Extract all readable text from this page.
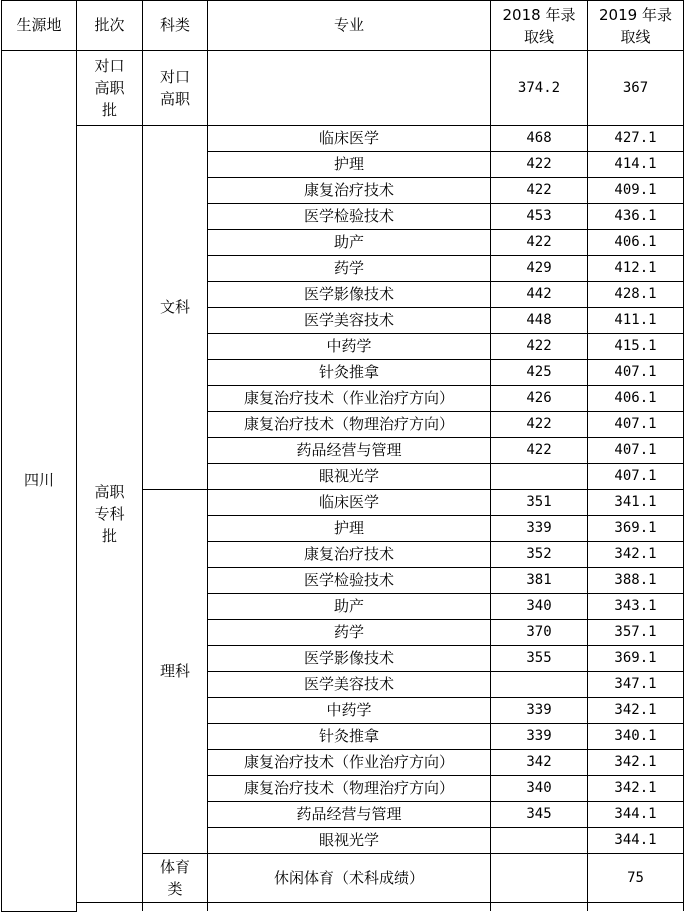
生源地	批次	科类	专业	2018 年录取线	2019 年录取线
四川	对口高职批	对口高职		374.2	367
	高职专科批	文科	临床医学	468	427.1
			护理	422	414.1
			康复治疗技术	422	409.1
			医学检验技术	453	436.1
			助产	422	406.1
			药学	429	412.1
			医学影像技术	442	428.1
			医学美容技术	448	411.1
			中药学	422	415.1
			针灸推拿	425	407.1
			康复治疗技术（作业治疗方向）	426	406.1
			康复治疗技术（物理治疗方向）	422	407.1
			药品经营与管理	422	407.1
			眼视光学		407.1
		理科	临床医学	351	341.1
			护理	339	369.1
			康复治疗技术	352	342.1
			医学检验技术	381	388.1
			助产	340	343.1
			药学	370	357.1
			医学影像技术	355	369.1
			医学美容技术		347.1
			中药学	339	342.1
			针灸推拿	339	340.1
			康复治疗技术（作业治疗方向）	342	342.1
			康复治疗技术（物理治疗方向）	340	342.1
			药品经营与管理	345	344.1
			眼视光学		344.1
		体育类	休闲体育（术科成绩）		75
